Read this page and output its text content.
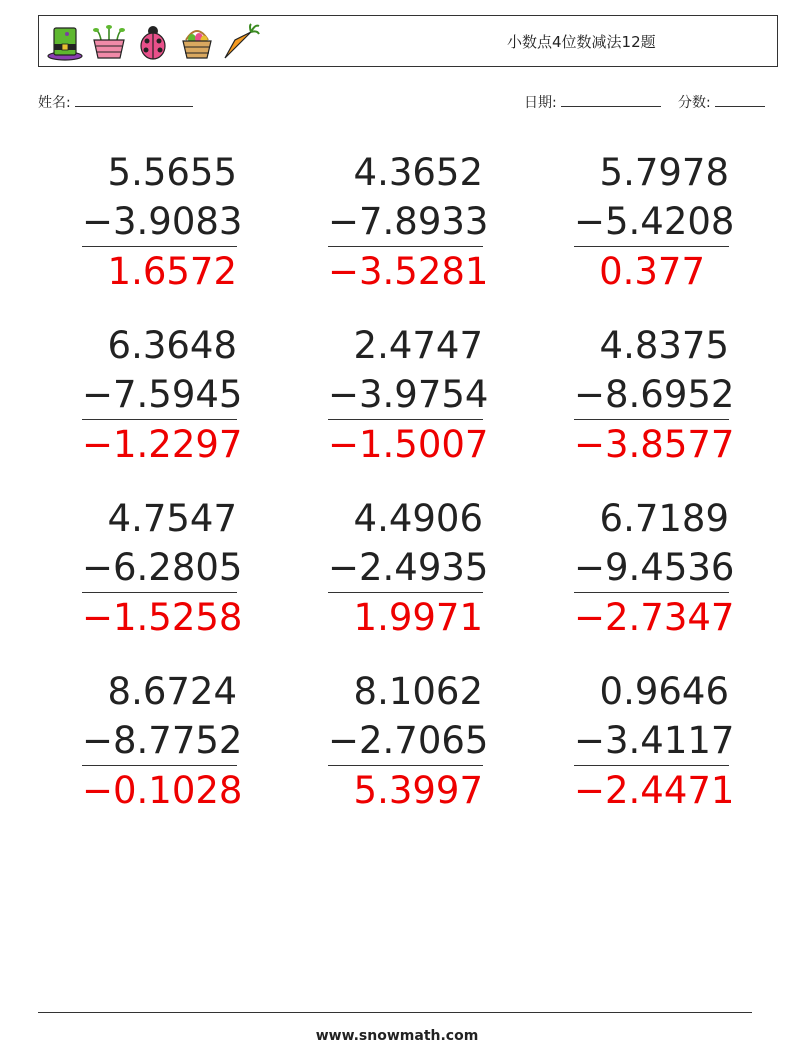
小数点4位数减法12题
姓名:	日期:	分数:
5.5655
−3.9083
1.6572
4.3652
−7.8933
−3.5281
5.7978
−5.4208
0.377
6.3648
−7.5945
−1.2297
2.4747
−3.9754
−1.5007
4.8375
−8.6952
−3.8577
4.7547
−6.2805
−1.5258
4.4906
−2.4935
1.9971
6.7189
−9.4536
−2.7347
8.6724
−8.7752
−0.1028
8.1062
−2.7065
5.3997
0.9646
−3.4117
−2.4471
www.snowmath.com
